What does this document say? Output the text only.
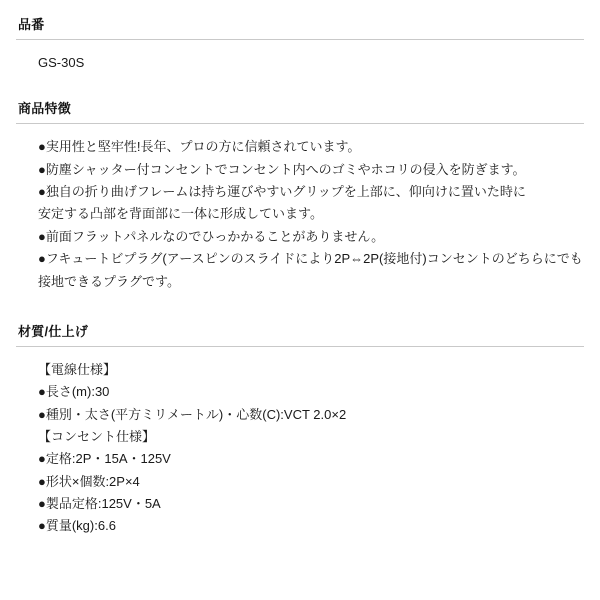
品番
GS-30S
商品特徴
●実用性と堅牢性!長年、プロの方に信頼されています。
●防塵シャッター付コンセントでコンセント内へのゴミやホコリの侵入を防ぎます。
●独自の折り曲げフレームは持ち運びやすいグリップを上部に、仰向けに置いた時に
安定する凸部を背面部に一体に形成しています。
●前面フラットパネルなのでひっかかることがありません。
●フキュートビプラグ(アースピンのスライドにより2P⇔2P(接地付)コンセントのどちらにでも接地できるプラグです。
材質/仕上げ
【電線仕様】
●長さ(m):30
●種別・太さ(平方ミリメートル)・心数(C):VCT 2.0×2
【コンセント仕様】
●定格:2P・15A・125V
●形状×個数:2P×4
●製品定格:125V・5A
●質量(kg):6.6
